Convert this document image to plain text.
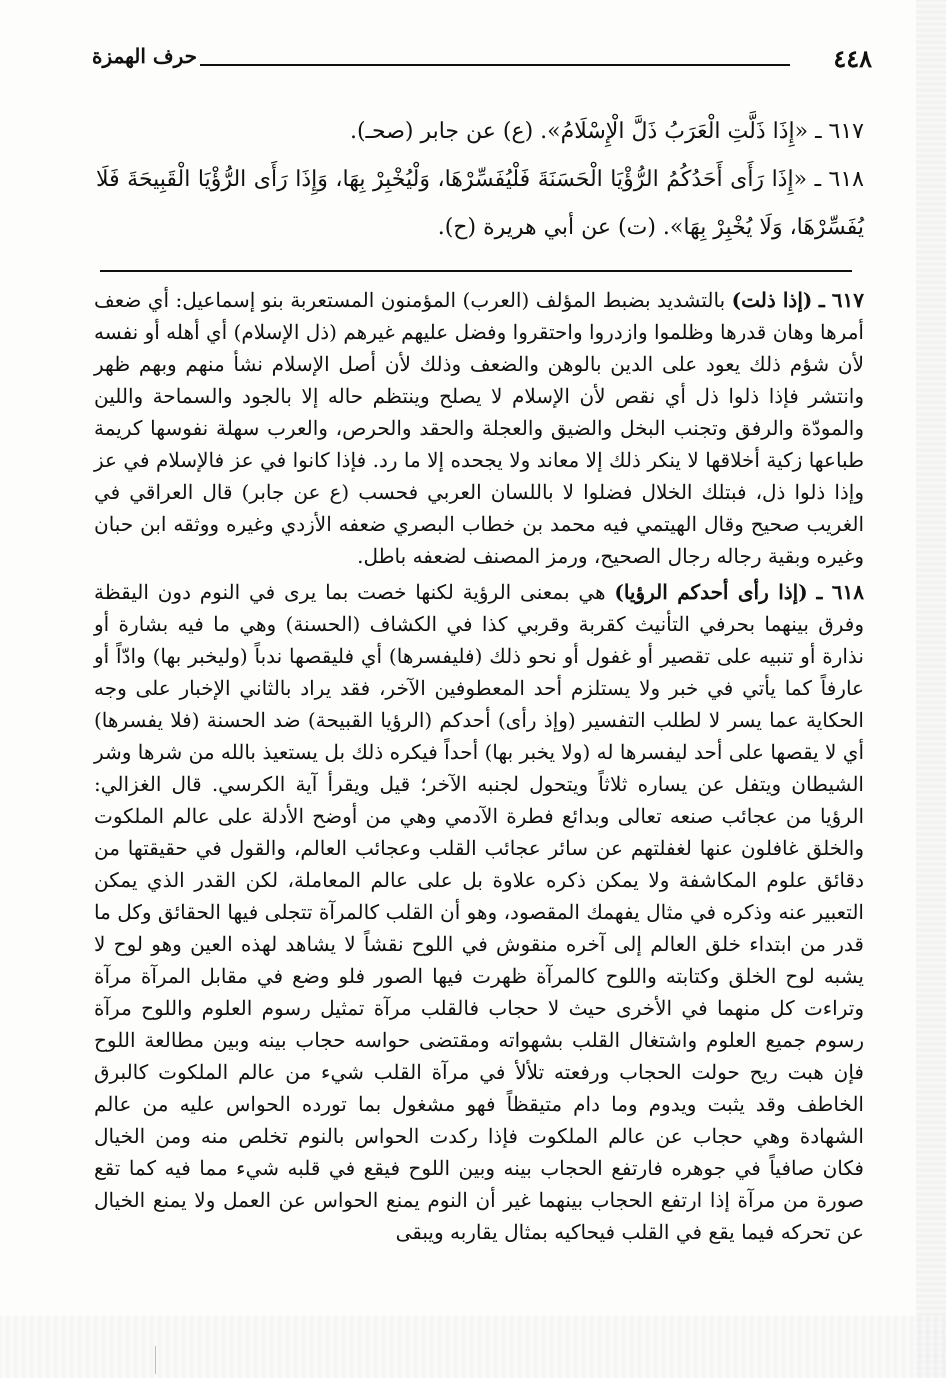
٤٤٨
حرف الهمزة

٦١٧ ـ «إِذَا ذَلَّتِ الْعَرَبُ ذَلَّ الْإِسْلَامُ». (ع) عن جابر (صحـ).

٦١٨ ـ «إِذَا رَأَى أَحَدُكُمُ الرُّؤْيَا الْحَسَنَةَ فَلْيُفَسِّرْهَا، وَلْيُخْبِرْ بِهَا، وَإِذَا رَأَى الرُّؤْيَا الْقَبِيحَةَ فَلَا يُفَسِّرْهَا، وَلَا يُخْبِرْ بِهَا». (ت) عن أبي هريرة (ح).

٦١٧ ـ (إذا ذلت) بالتشديد بضبط المؤلف (العرب) المؤمنون المستعربة بنو إسماعيل: أي ضعف أمرها وهان قدرها وظلموا وازدروا واحتقروا وفضل عليهم غيرهم (ذل الإسلام) أي أهله أو نفسه لأن شؤم ذلك يعود على الدين بالوهن والضعف وذلك لأن أصل الإسلام نشأ منهم وبهم ظهر وانتشر فإذا ذلوا ذل أي نقص لأن الإسلام لا يصلح وينتظم حاله إلا بالجود والسماحة واللين والمودّة والرفق وتجنب البخل والضيق والعجلة والحقد والحرص، والعرب سهلة نفوسها كريمة طباعها زكية أخلاقها لا ينكر ذلك إلا معاند ولا يجحده إلا ما رد. فإذا كانوا في عز فالإسلام في عز وإذا ذلوا ذل، فبتلك الخلال فضلوا لا باللسان العربي فحسب (ع عن جابر) قال العراقي في الغريب صحيح وقال الهيتمي فيه محمد بن خطاب البصري ضعفه الأزدي وغيره ووثقه ابن حبان وغيره وبقية رجاله رجال الصحيح، ورمز المصنف لضعفه باطل.

٦١٨ ـ (إذا رأى أحدكم الرؤيا) هي بمعنى الرؤية لكنها خصت بما يرى في النوم دون اليقظة وفرق بينهما بحرفي التأنيث كقربة وقربي كذا في الكشاف (الحسنة) وهي ما فيه بشارة أو نذارة أو تنبيه على تقصير أو غفول أو نحو ذلك (فليفسرها) أي فليقصها ندباً (وليخبر بها) وادّاً أو عارفاً كما يأتي في خبر ولا يستلزم أحد المعطوفين الآخر، فقد يراد بالثاني الإخبار على وجه الحكاية عما يسر لا لطلب التفسير (وإذ رأى) أحدكم (الرؤيا القبيحة) ضد الحسنة (فلا يفسرها) أي لا يقصها على أحد ليفسرها له (ولا يخبر بها) أحداً فيكره ذلك بل يستعيذ بالله من شرها وشر الشيطان ويتفل عن يساره ثلاثاً ويتحول لجنبه الآخر؛ قيل ويقرأ آية الكرسي. قال الغزالي: الرؤيا من عجائب صنعه تعالى وبدائع فطرة الآدمي وهي من أوضح الأدلة على عالم الملكوت والخلق غافلون عنها لغفلتهم عن سائر عجائب القلب وعجائب العالم، والقول في حقيقتها من دقائق علوم المكاشفة ولا يمكن ذكره علاوة بل على عالم المعاملة، لكن القدر الذي يمكن التعبير عنه وذكره في مثال يفهمك المقصود، وهو أن القلب كالمرآة تتجلى فيها الحقائق وكل ما قدر من ابتداء خلق العالم إلى آخره منقوش في اللوح نقشاً لا يشاهد لهذه العين وهو لوح لا يشبه لوح الخلق وكتابته واللوح كالمرآة ظهرت فيها الصور فلو وضع في مقابل المرآة مرآة وتراءت كل منهما في الأخرى حيث لا حجاب فالقلب مرآة تمثيل رسوم العلوم واللوح مرآة رسوم جميع العلوم واشتغال القلب بشهواته ومقتضى حواسه حجاب بينه وبين مطالعة اللوح فإن هبت ريح حولت الحجاب ورفعته تلألأ في مرآة القلب شيء من عالم الملكوت كالبرق الخاطف وقد يثبت ويدوم وما دام متيقظاً فهو مشغول بما تورده الحواس عليه من عالم الشهادة وهي حجاب عن عالم الملكوت فإذا ركدت الحواس بالنوم تخلص منه ومن الخيال فكان صافياً في جوهره فارتفع الحجاب بينه وبين اللوح فيقع في قلبه شيء مما فيه كما تقع صورة من مرآة إذا ارتفع الحجاب بينهما غير أن النوم يمنع الحواس عن العمل ولا يمنع الخيال عن تحركه فيما يقع في القلب فيحاكيه بمثال يقاربه ويبقى
